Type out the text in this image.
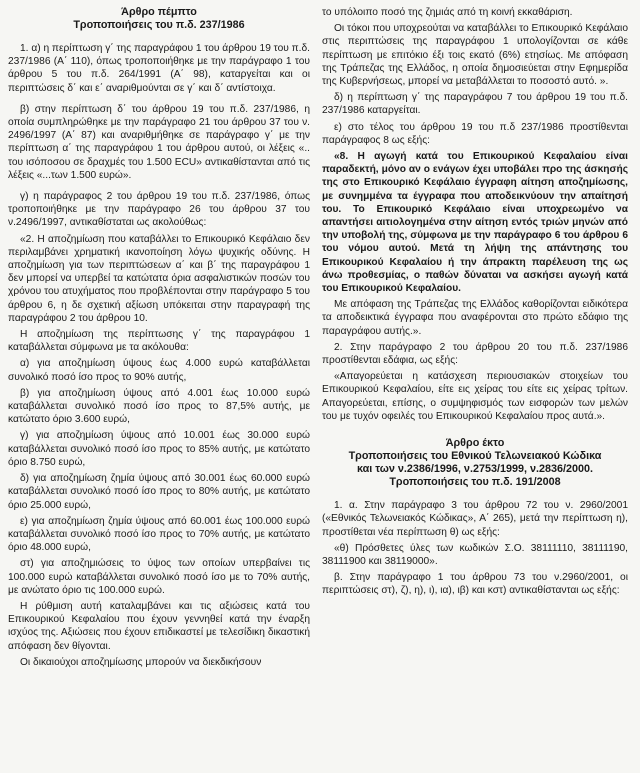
Άρθρο πέμπτο
Τροποποιήσεις του π.δ. 237/1986

1. α) η περίπτωση γ΄ της παραγράφου 1 του άρθρου 19 του π.δ. 237/1986 (Α΄ 110), όπως τροποποιήθηκε με την παράγραφο 1 του άρθρου 5 του π.δ. 264/1991 (Α΄ 98), καταργείται και οι περιπτώσεις δ΄ και ε΄ αναριθμούνται σε γ΄ και δ΄ αντίστοιχα.

β) στην περίπτωση δ΄ του άρθρου 19 του π.δ. 237/1986, η οποία συμπληρώθηκε με την παράγραφο 21 του άρθρου 37 του ν. 2496/1997 (Α΄ 87) και αναριθμήθηκε σε παράγραφο γ΄ με την περίπτωση α΄ της παραγράφου 1 του άρθρου αυτού, οι λέξεις «.. του ισόποσου σε δραχμές του 1.500 ECU» αντικαθίστανται από τις λέξεις «...των 1.500 ευρώ».

γ) η παράγραφος 2 του άρθρου 19 του π.δ. 237/1986, όπως τροποποιήθηκε με την παράγραφο 26 του άρθρου 37 του ν.2496/1997, αντικαθίσταται ως ακολούθως:

«2. Η αποζημίωση που καταβάλλει το Επικουρικό Κεφάλαιο δεν περιλαμβάνει χρηματική ικανοποίηση λόγω ψυχικής οδύνης. Η αποζημίωση για των περιπτώσεων α΄ και β΄ της παραγράφου 1 δεν μπορεί να υπερβεί τα κατώτατα όρια ασφαλιστικών ποσών του χρόνου του ατυχήματος που προβλέπονται στην παράγραφο 5 του άρθρου 6, η δε σχετική αξίωση υπόκειται στην παραγραφή της παραγράφου 2 του άρθρου 10.

Η αποζημίωση της περίπτωσης γ΄ της παραγράφου 1 καταβάλλεται σύμφωνα με τα ακόλουθα:

α) για αποζημίωση ύψους έως 4.000 ευρώ καταβάλλεται συνολικό ποσό ίσο προς το 90% αυτής,

β) για αποζημίωση ύψους από 4.001 έως 10.000 ευρώ καταβάλλεται συνολικό ποσό ίσο προς το 87,5% αυτής, με κατώτατο όριο 3.600 ευρώ,

γ) για αποζημίωση ύψους από 10.001 έως 30.000 ευρώ καταβάλλεται συνολικό ποσό ίσο προς το 85% αυτής, με κατώτατο όριο 8.750 ευρώ,

δ) για αποζημίωση ζημία ύψους από 30.001 έως 60.000 ευρώ καταβάλλεται συνολικό ποσό ίσο προς το 80% αυτής, με κατώτατο όριο 25.000 ευρώ,

ε) για αποζημίωση ζημία ύψους από 60.001 έως 100.000 ευρώ καταβάλλεται συνολικό ποσό ίσο προς το 70% αυτής, με κατώτατο όριο 48.000 ευρώ,

στ) για αποζημιώσεις το ύψος των οποίων υπερβαίνει τις 100.000 ευρώ καταβάλλεται συνολικό ποσό ίσο με το 70% αυτής, με ανώτατο όριο τις 100.000 ευρώ.

Η ρύθμιση αυτή καταλαμβάνει και τις αξιώσεις κατά του Επικουρικού Κεφαλαίου που έχουν γεννηθεί κατά την έναρξη ισχύος της. Αξιώσεις που έχουν επιδικαστεί με τελεσίδικη δικαστική απόφαση δεν θίγονται.

Οι δικαιούχοι αποζημίωσης μπορούν να διεκδικήσουν

το υπόλοιπο ποσό της ζημιάς από τη κοινή εκκαθάριση.

Οι τόκοι που υποχρεούται να καταβάλλει το Επικουρικό Κεφάλαιο στις περιπτώσεις της παραγράφου 1 υπολογίζονται σε κάθε περίπτωση με επιτόκιο έξι τοις εκατό (6%) ετησίως. Με απόφαση της Τράπεζας της Ελλάδος, η οποία δημοσιεύεται στην Εφημερίδα της Κυβερνήσεως, μπορεί να μεταβάλλεται το ποσοστό αυτό. ».

δ) η περίπτωση γ΄ της παραγράφου 7 του άρθρου 19 του π.δ. 237/1986 καταργείται.

ε) στο τέλος του άρθρου 19 του π.δ 237/1986 προστίθενται παράγραφος 8 ως εξής:

«8. Η αγωγή κατά του Επικουρικού Κεφαλαίου είναι παραδεκτή, μόνο αν ο ενάγων έχει υποβάλει προ της άσκησής της στο Επικουρικό Κεφάλαιο έγγραφη αίτηση αποζημίωσης, με συνημμένα τα έγγραφα που αποδεικνύουν την απαίτησή του. Το Επικουρικό Κεφάλαιο είναι υποχρεωμένο να απαντήσει αιτιολογημένα στην αίτηση εντός τριών μηνών από την υποβολή της, σύμφωνα με την παράγραφο 6 του άρθρου 6 του νόμου αυτού. Μετά τη λήψη της απάντησης του Επικουρικού Κεφαλαίου ή την άπρακτη παρέλευση της ως άνω προθεσμίας, ο παθών δύναται να ασκήσει αγωγή κατά του Επικουρικού Κεφαλαίου.

Με απόφαση της Τράπεζας της Ελλάδος καθορίζονται ειδικότερα τα αποδεικτικά έγγραφα που αναφέρονται στο πρώτο εδάφιο της παραγράφου αυτής.».

2. Στην παράγραφο 2 του άρθρου 20 του π.δ. 237/1986 προστίθενται εδάφια, ως εξής:

«Απαγορεύεται η κατάσχεση περιουσιακών στοιχείων του Επικουρικού Κεφαλαίου, είτε εις χείρας του είτε εις χείρας τρίτων. Απαγορεύεται, επίσης, ο συμψηφισμός των εισφορών των μελών του με τυχόν οφειλές του Επικουρικού Κεφαλαίου προς αυτά.».

Άρθρο έκτο
Τροποποιήσεις του Εθνικού Τελωνειακού Κώδικα
και των ν.2386/1996, ν.2753/1999, ν.2836/2000.
Τροποποιήσεις του π.δ. 191/2008

1. α. Στην παράγραφο 3 του άρθρου 72 του ν. 2960/2001 («Εθνικός Τελωνειακός Κώδικας», Α΄ 265), μετά την περίπτωση η), προστίθεται νέα περίπτωση θ) ως εξής:

«θ) Πρόσθετες ύλες των κωδικών Σ.Ο. 38111110, 38111190, 38111900 και 38119000».

β. Στην παράγραφο 1 του άρθρου 73 του ν.2960/2001, οι περιπτώσεις στ), ζ), η), ι), ια), ιβ) και κστ) αντικαθίστανται ως εξής:
